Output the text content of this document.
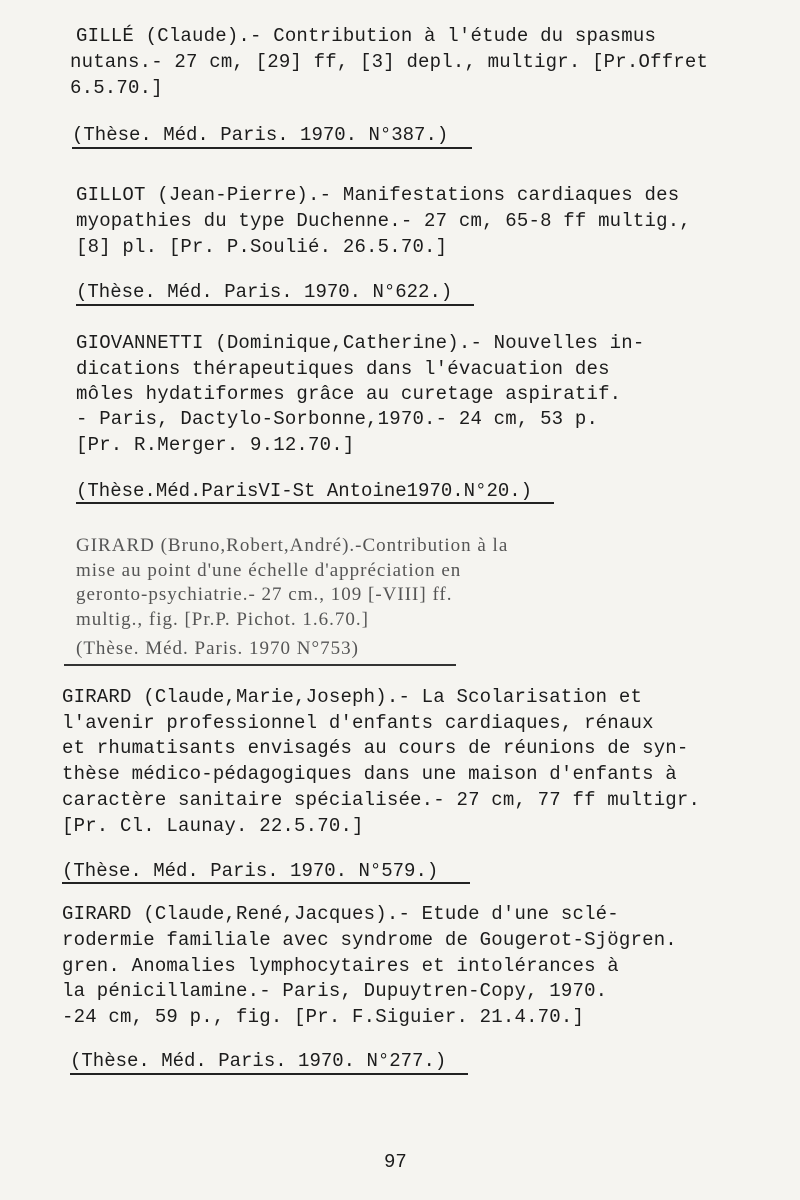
GILLÉ (Claude).- Contribution à l'étude du spasmus
nutans.- 27 cm, [29] ff, [3] depl., multigr. [Pr.Offret
6.5.70.]
(Thèse. Méd. Paris. 1970. N°387.)
GILLOT (Jean-Pierre).- Manifestations cardiaques des
myopathies du type Duchenne.- 27 cm, 65-8 ff multig.,
[8] pl. [Pr. P.Soulié. 26.5.70.]
(Thèse. Méd. Paris. 1970. N°622.)
GIOVANNETTI (Dominique,Catherine).- Nouvelles in-
dications thérapeutiques dans l'évacuation des
môles hydatiformes grâce au curetage aspiratif.
- Paris, Dactylo-Sorbonne,1970.- 24 cm, 53 p.
[Pr. R.Merger. 9.12.70.]
(Thèse.Méd.ParisVI-St Antoine1970.N°20.)
GIRARD (Bruno,Robert,André).-Contribution à la
mise au point d'une échelle d'appréciation en
geronto-psychiatrie.- 27 cm., 109 [-VIII] ff.
multig., fig. [Pr.P. Pichot. 1.6.70.]
(Thèse. Méd. Paris. 1970 N°753)
GIRARD (Claude,Marie,Joseph).- La Scolarisation et
l'avenir professionnel d'enfants cardiaques, rénaux
et rhumatisants envisagés au cours de réunions de syn-
thèse médico-pédagogiques dans une maison d'enfants à
caractère sanitaire spécialisée.- 27 cm, 77 ff multigr.
[Pr. Cl. Launay. 22.5.70.]
(Thèse. Méd. Paris. 1970. N°579.)
GIRARD (Claude,René,Jacques).- Etude d'une sclé-
rodermie familiale avec syndrome de Gougerot-Sjögren.
gren. Anomalies lymphocytaires et intolérances à
la pénicillamine.- Paris, Dupuytren-Copy, 1970.
-24 cm, 59 p., fig. [Pr. F.Siguier. 21.4.70.]
(Thèse. Méd. Paris. 1970. N°277.)
97
